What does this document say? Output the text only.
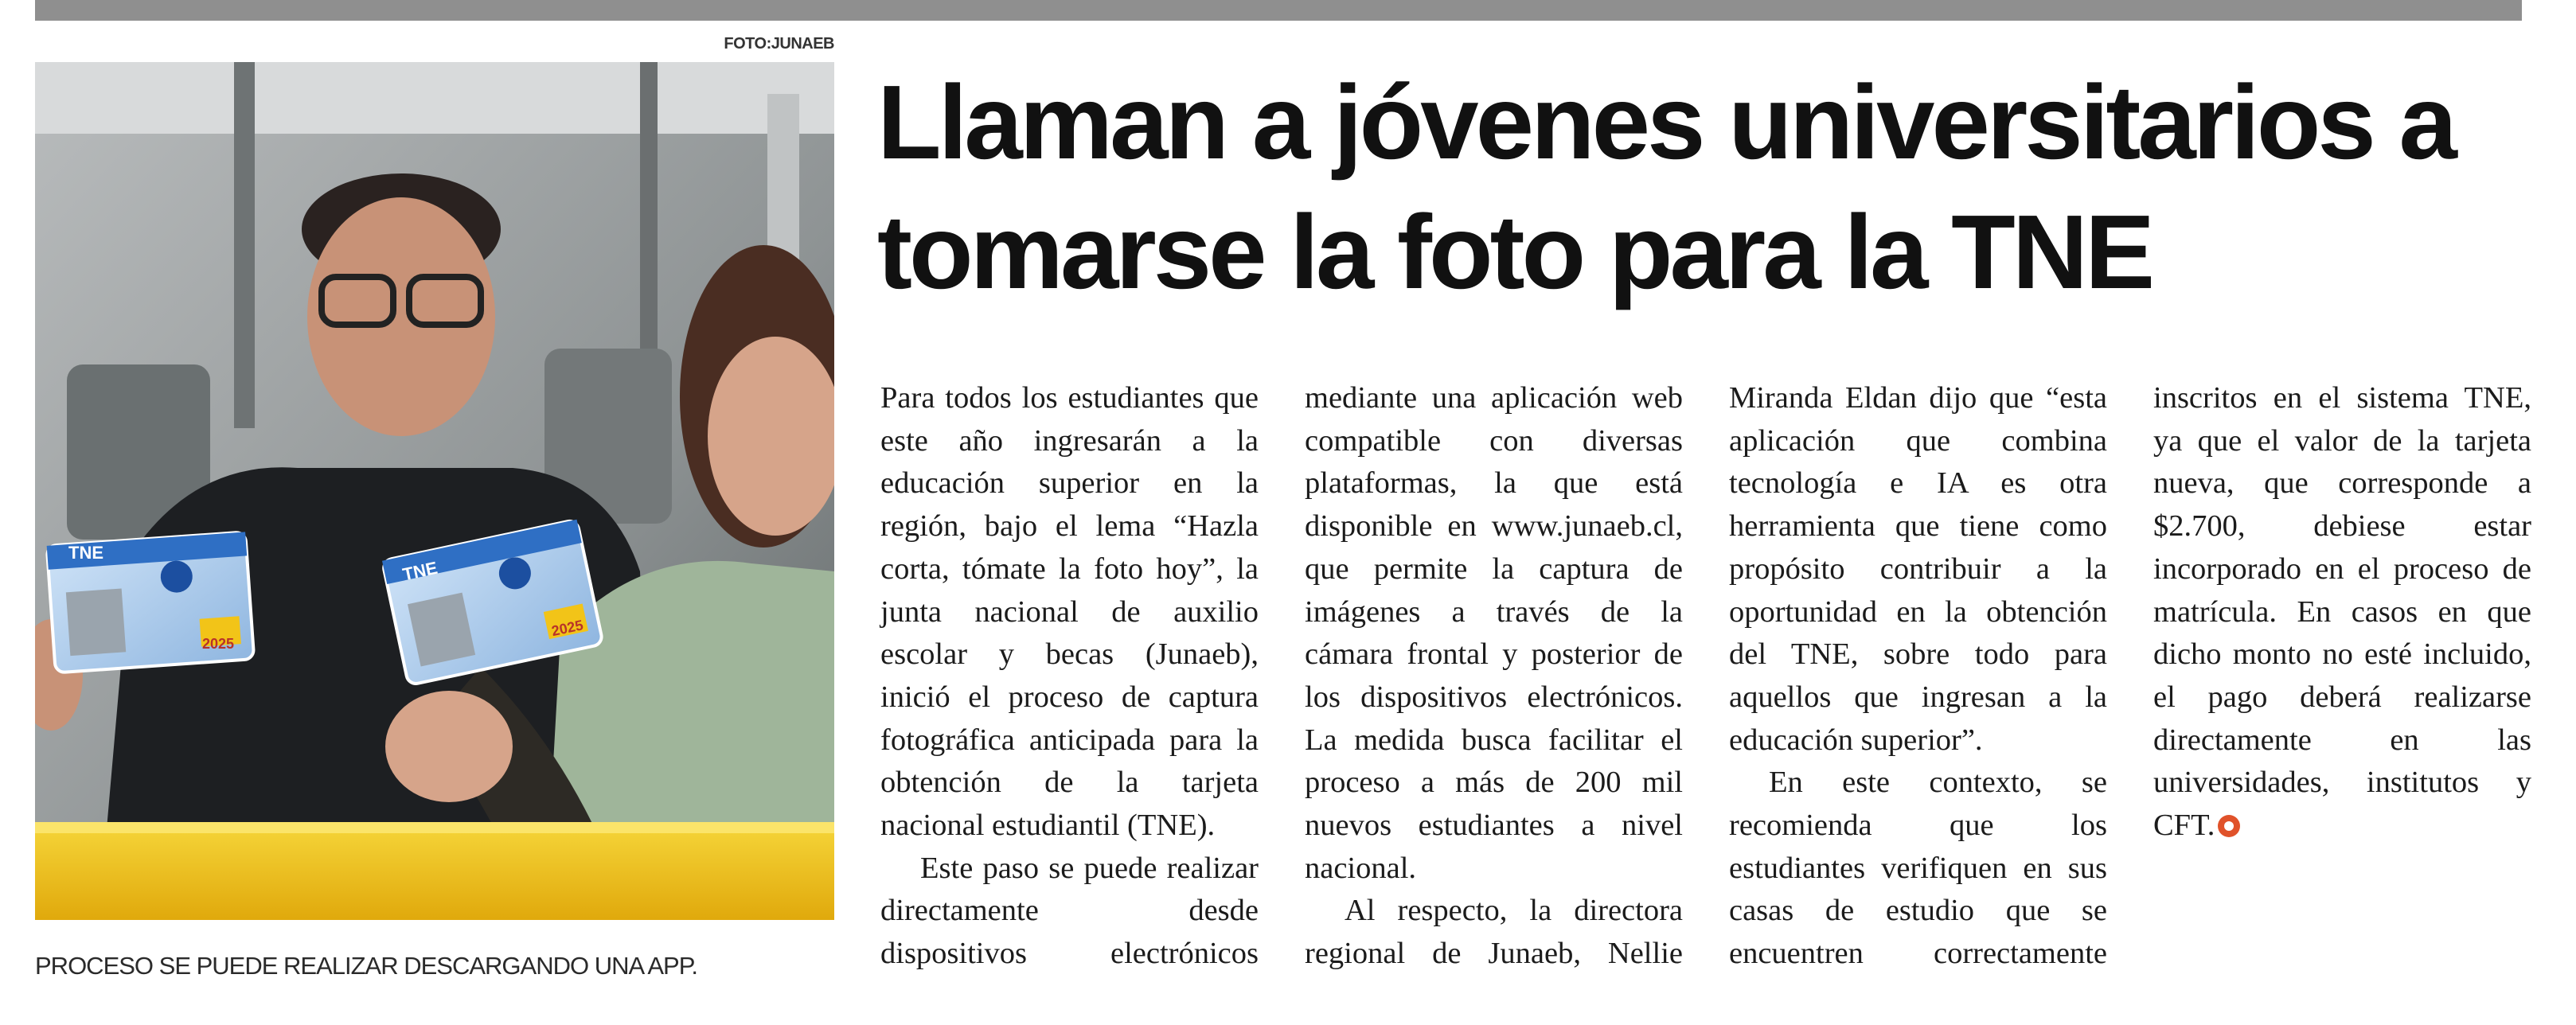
FOTO:JUNAEB
TNE
2025
TNE
2025
PROCESO SE PUEDE REALIZAR DESCARGANDO UNA APP.
Llaman a jóvenes universitarios a tomarse la foto para la TNE

Para todos los estudiantes que este año ingresarán a la educación superior en la región, bajo el lema “Hazla corta, tómate la foto hoy”, la junta nacional de auxilio escolar y becas (Junaeb), inició el proceso de captura fotográfica anticipada para la obtención de la tarjeta nacional estudiantil (TNE).

Este paso se puede realizar directamente desde dispositivos electrónicos mediante una aplicación web compatible con diversas plataformas, la que está disponible en www.junaeb.cl, que permite la captura de imágenes a través de la cámara frontal y posterior de los dispositivos electrónicos. La medida busca facilitar el proceso a más de 200 mil nuevos estudiantes a nivel nacional.

Al respecto, la directora regional de Junaeb, Nellie Miranda Eldan dijo que “esta aplicación que combina tecnología e IA es otra herramienta que tiene como propósito contribuir a la oportunidad en la obtención del TNE, sobre todo para aquellos que ingresan a la educación superior”.

En este contexto, se recomienda que los estudiantes verifiquen en sus casas de estudio que se encuentren correctamente inscritos en el sistema TNE, ya que el valor de la tarjeta nueva, que corresponde a $2.700, debiese estar incorporado en el proceso de matrícula. En casos en que dicho monto no esté incluido, el pago deberá realizarse directamente en las universidades, institutos y CFT.
